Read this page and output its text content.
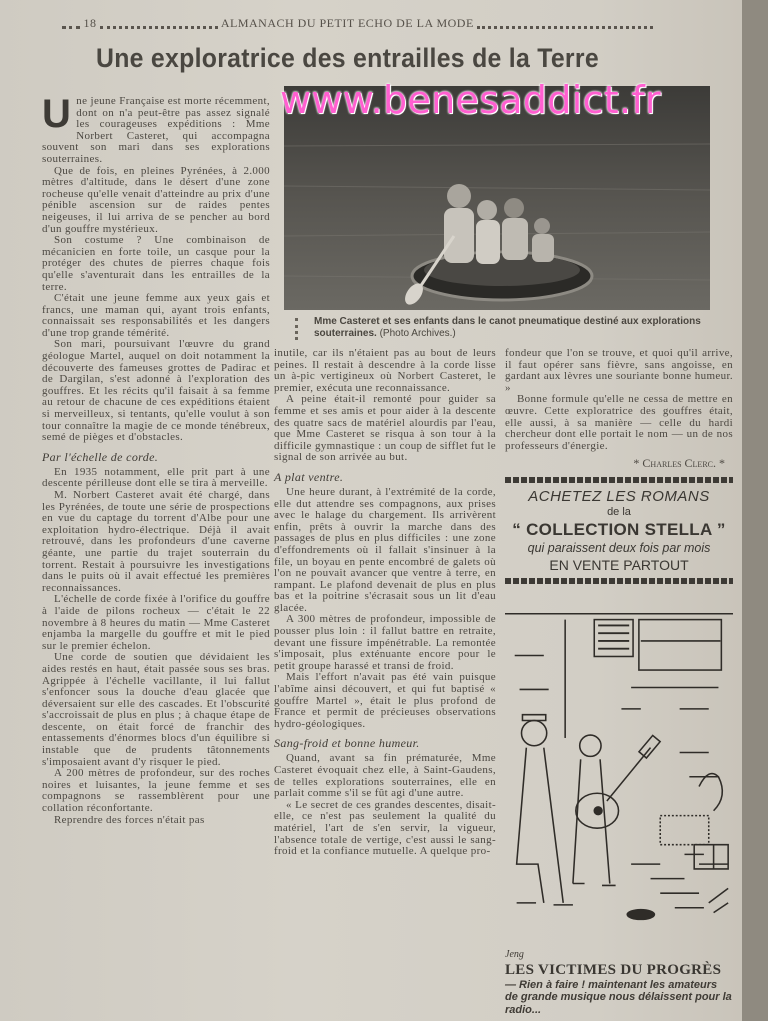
18	ALMANACH DU PETIT ECHO DE LA MODE
Une exploratrice des entrailles de la Terre
U ne jeune Française est morte récemment, dont on n'a peut-être pas assez signalé les courageuses expéditions : Mme Norbert Casteret, qui accompagna souvent son mari dans ses explorations souterraines.

Que de fois, en pleines Pyrénées, à 2.000 mètres d'altitude, dans le désert d'une zone rocheuse qu'elle venait d'atteindre au prix d'une pénible ascension sur de raides pentes neigeuses, il lui arriva de se pencher au bord d'un gouffre mystérieux.

Son costume ? Une combinaison de mécanicien en forte toile, un casque pour la protéger des chutes de pierres chaque fois qu'elle s'aventurait dans les entrailles de la terre.

C'était une jeune femme aux yeux gais et francs, une maman qui, ayant trois enfants, connaissait ses responsabilités et les dangers d'une trop grande témérité.

Son mari, poursuivant l'œuvre du grand géologue Martel, auquel on doit notamment la découverte des fameuses grottes de Padirac et de Dargilan, s'est adonné à l'exploration des gouffres. Et les récits qu'il faisait à sa femme au retour de chacune de ces expéditions étaient si merveilleux, si tentants, qu'elle voulut à son tour connaître la magie de ce monde ténébreux, semé de pièges et d'obstacles.

Par l'échelle de corde.

En 1935 notamment, elle prit part à une descente périlleuse dont elle se tira à merveille.

M. Norbert Casteret avait été chargé, dans les Pyrénées, de toute une série de prospections en vue du captage du torrent d'Albe pour une exploitation hydro-électrique. Déjà il avait retrouvé, dans les profondeurs d'une caverne géante, une partie du trajet souterrain du torrent. Restait à poursuivre les investigations dans le puits où il avait effectué les premières reconnaissances.

L'échelle de corde fixée à l'orifice du gouffre à l'aide de pilons rocheux — c'était le 22 novembre à 8 heures du matin — Mme Casteret enjamba la margelle du gouffre et mit le pied sur le premier échelon.

Une corde de soutien que dévidaient les aides restés en haut, était passée sous ses bras. Agrippée à l'échelle vacillante, il lui fallut s'enfoncer sous la douche d'eau glacée que déversaient sur elle des cascades. Et l'obscurité s'accroissait de plus en plus ; à chaque étape de descente, on était forcé de franchir des entassements d'énormes blocs d'un équilibre si instable que de prudents tâtonnements s'imposaient avant d'y risquer le pied.

A 200 mètres de profondeur, sur des roches noires et luisantes, la jeune femme et ses compagnons se rassemblèrent pour une collation réconfortante.

Reprendre des forces n'était pas

www.benesaddict.fr
Mme Casteret et ses enfants dans le canot pneumatique destiné aux explorations souterraines. (Photo Archives.)

inutile, car ils n'étaient pas au bout de leurs peines. Il restait à descendre à la corde lisse un à-pic vertigineux où Norbert Casteret, le premier, exécuta une reconnaissance.

A peine était-il remonté pour guider sa femme et ses amis et pour aider à la descente des quatre sacs de matériel alourdis par l'eau, que Mme Casteret se risqua à son tour à la difficile gymnastique : un coup de sifflet fut le signal de son arrivée au but.

A plat ventre.

Une heure durant, à l'extrémité de la corde, elle dut attendre ses compagnons, aux prises avec le halage du chargement. Ils arrivèrent enfin, prêts à ouvrir la marche dans des passages de plus en plus difficiles : une zone d'effondrements où il fallait s'insinuer à la file, un boyau en pente encombré de galets où l'on ne pouvait avancer que ventre à terre, en rampant. Le plafond devenait de plus en plus bas et la poitrine s'écrasait sous un lit d'eau glacée.

A 300 mètres de profondeur, impossible de pousser plus loin : il fallut battre en retraite, devant une fissure impénétrable. La remontée s'imposait, plus exténuante encore pour le petit groupe harassé et transi de froid.

Mais l'effort n'avait pas été vain puisque l'abîme ainsi découvert, et qui fut baptisé « gouffre Martel », était le plus profond de France et permit de précieuses observations hydro-géologiques.

Sang-froid et bonne humeur.

Quand, avant sa fin prématurée, Mme Casteret évoquait chez elle, à Saint-Gaudens, de telles explorations souterraines, elle en parlait comme s'il se fût agi d'une autre.

« Le secret de ces grandes descentes, disait-elle, ce n'est pas seulement la qualité du matériel, l'art de s'en servir, la vigueur, l'absence totale de vertige, c'est aussi le sang-froid et la confiance mutuelle. A quelque pro-

fondeur que l'on se trouve, et quoi qu'il arrive, il faut opérer sans fièvre, sans angoisse, en gardant aux lèvres une souriante bonne humeur. »

Bonne formule qu'elle ne cessa de mettre en œuvre. Cette exploratrice des gouffres était, elle aussi, à sa manière — celle du hardi chercheur dont elle portait le nom — un de nos professeurs d'énergie.

* Charles Clerc. *
ACHETEZ LES ROMANS
de la
“ COLLECTION STELLA ”
qui paraissent deux fois par mois
EN VENTE PARTOUT
Jeng
LES VICTIMES DU PROGRÈS
— Rien à faire ! maintenant les amateurs de grande musique nous délaissent pour la radio...
